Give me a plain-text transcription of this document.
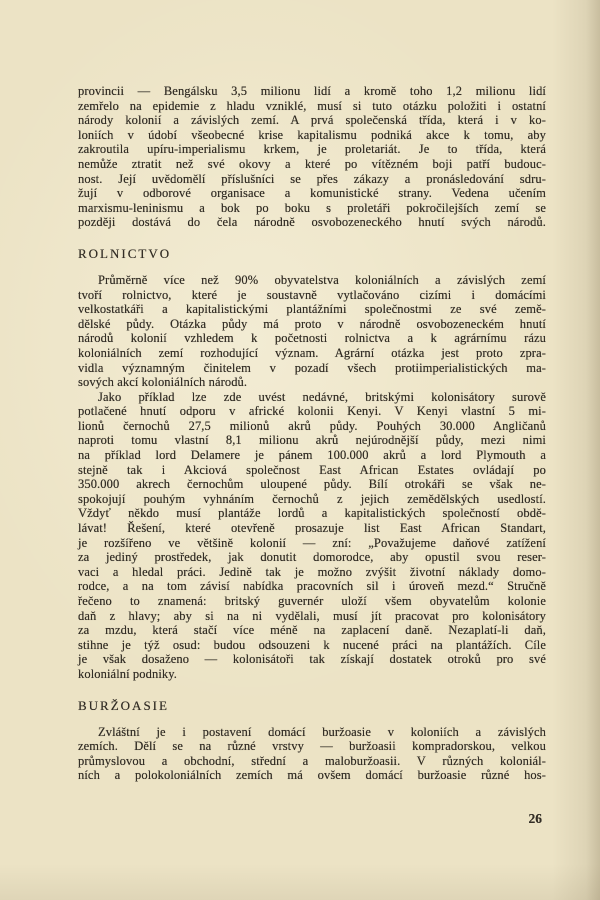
provincii — Bengálsku 3,5 milionu lidí a kromě toho 1,2 milionu lidí
zemřelo na epidemie z hladu vzniklé, musí si tuto otázku položiti i ostatní
národy kolonií a závislých zemí. A prvá společenská třída, která i v ko-
loniích v údobí všeobecné krise kapitalismu podniká akce k tomu, aby
zakroutila upíru-imperialismu krkem, je proletariát. Je to třída, která
nemůže ztratit než své okovy a které po vítězném boji patří budouc-
nost. Její uvědomělí příslušníci se přes zákazy a pronásledování sdru-
žují v odborové organisace a komunistické strany. Vedena učením
marxismu-leninismu a bok po boku s proletáři pokročilejších zemí se
později dostává do čela národně osvobozeneckého hnutí svých národů.
ROLNICTVO
Průměrně více než 90% obyvatelstva koloniálních a závislých zemí
tvoří rolnictvo, které je soustavně vytlačováno cizími i domácími
velkostatkáři a kapitalistickými plantážními společnostmi ze své země-
dělské půdy. Otázka půdy má proto v národně osvobozeneckém hnutí
národů kolonií vzhledem k početnosti rolnictva a k agrárnímu rázu
koloniálních zemí rozhodující význam. Agrární otázka jest proto zpra-
vidla významným činitelem v pozadí všech protiimperialistických ma-
sových akcí koloniálních národů.
Jako příklad lze zde uvést nedávné, britskými kolonisátory surově
potlačené hnutí odporu v africké kolonii Kenyi. V Kenyi vlastní 5 mi-
lionů černochů 27,5 milionů akrů půdy. Pouhých 30.000 Angličanů
naproti tomu vlastní 8,1 milionu akrů nejúrodnější půdy, mezi nimi
na příklad lord Delamere je pánem 100.000 akrů a lord Plymouth a
stejně tak i Akciová společnost East African Estates ovládají po
350.000 akrech černochům uloupené půdy. Bílí otrokáři se však ne-
spokojují pouhým vyhnáním černochů z jejich zemědělských usedlostí.
Vždyť někdo musí plantáže lordů a kapitalistických společností obdě-
lávat! Řešení, které otevřeně prosazuje list East African Standart,
je rozšířeno ve většině kolonií — zní: „Považujeme daňové zatížení
za jediný prostředek, jak donutit domorodce, aby opustil svou reser-
vaci a hledal práci. Jedině tak je možno zvýšit životní náklady domo-
rodce, a na tom závisí nabídka pracovních sil i úroveň mezd.“ Stručně
řečeno to znamená: britský guvernér uloží všem obyvatelům kolonie
daň z hlavy; aby si na ni vydělali, musí jít pracovat pro kolonisátory
za mzdu, která stačí více méně na zaplacení daně. Nezaplatí-li daň,
stihne je týž osud: budou odsouzeni k nucené práci na plantážích. Cíle
je však dosaženo — kolonisátoři tak získají dostatek otroků pro své
koloniální podniky.
BURŽOASIE
Zvláštní je i postavení domácí buržoasie v koloniích a závislých
zemích. Dělí se na různé vrstvy — buržoasii kompradorskou, velkou
průmyslovou a obchodní, střední a maloburžoasii. V různých koloniál-
ních a polokoloniálních zemích má ovšem domácí buržoasie různé hos-
26
